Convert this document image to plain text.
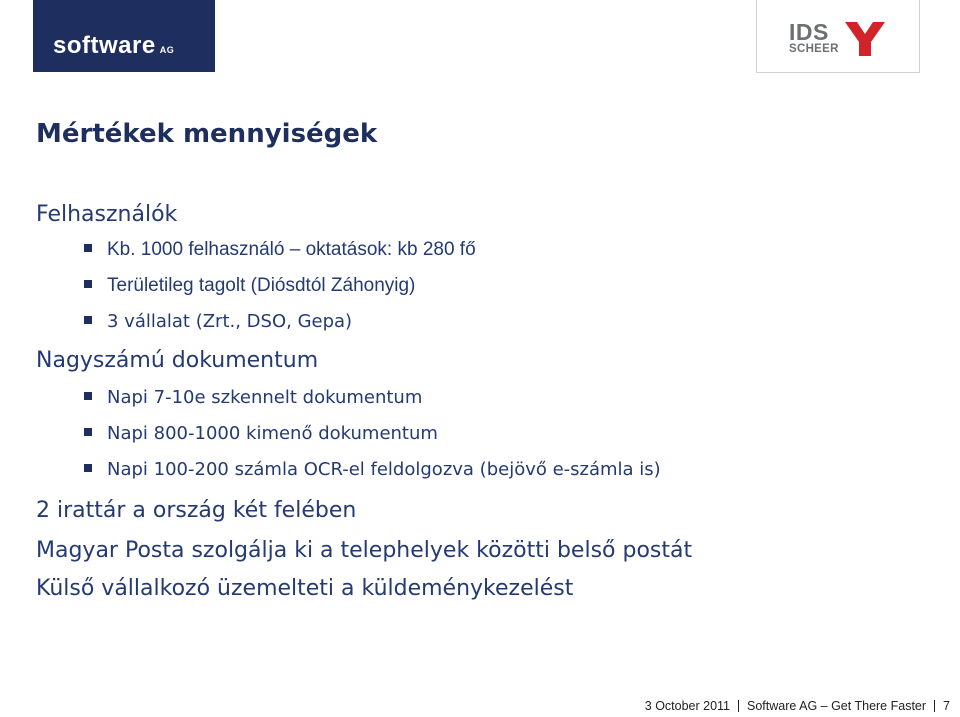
software $^{AG}$
IDS
SCHEER
Mértékek mennyiségek

Felhasználók

Kb. 1000 felhasználó – oktatások: kb 280 fő

Területileg tagolt (Diósdtól Záhonyig)

3 vállalat (Zrt., DSO, Gepa)

Nagyszámú dokumentum

Napi 7-10e szkennelt dokumentum

Napi 800-1000 kimenő dokumentum

Napi 100-200 számla OCR-el feldolgozva (bejövő e-számla is)

2 irattár a ország két felében

Magyar Posta szolgálja ki a telephelyek közötti belső postát

Külső vállalkozó üzemelteti a küldeménykezelést

3 October 2011 Software AG – Get There Faster 7
